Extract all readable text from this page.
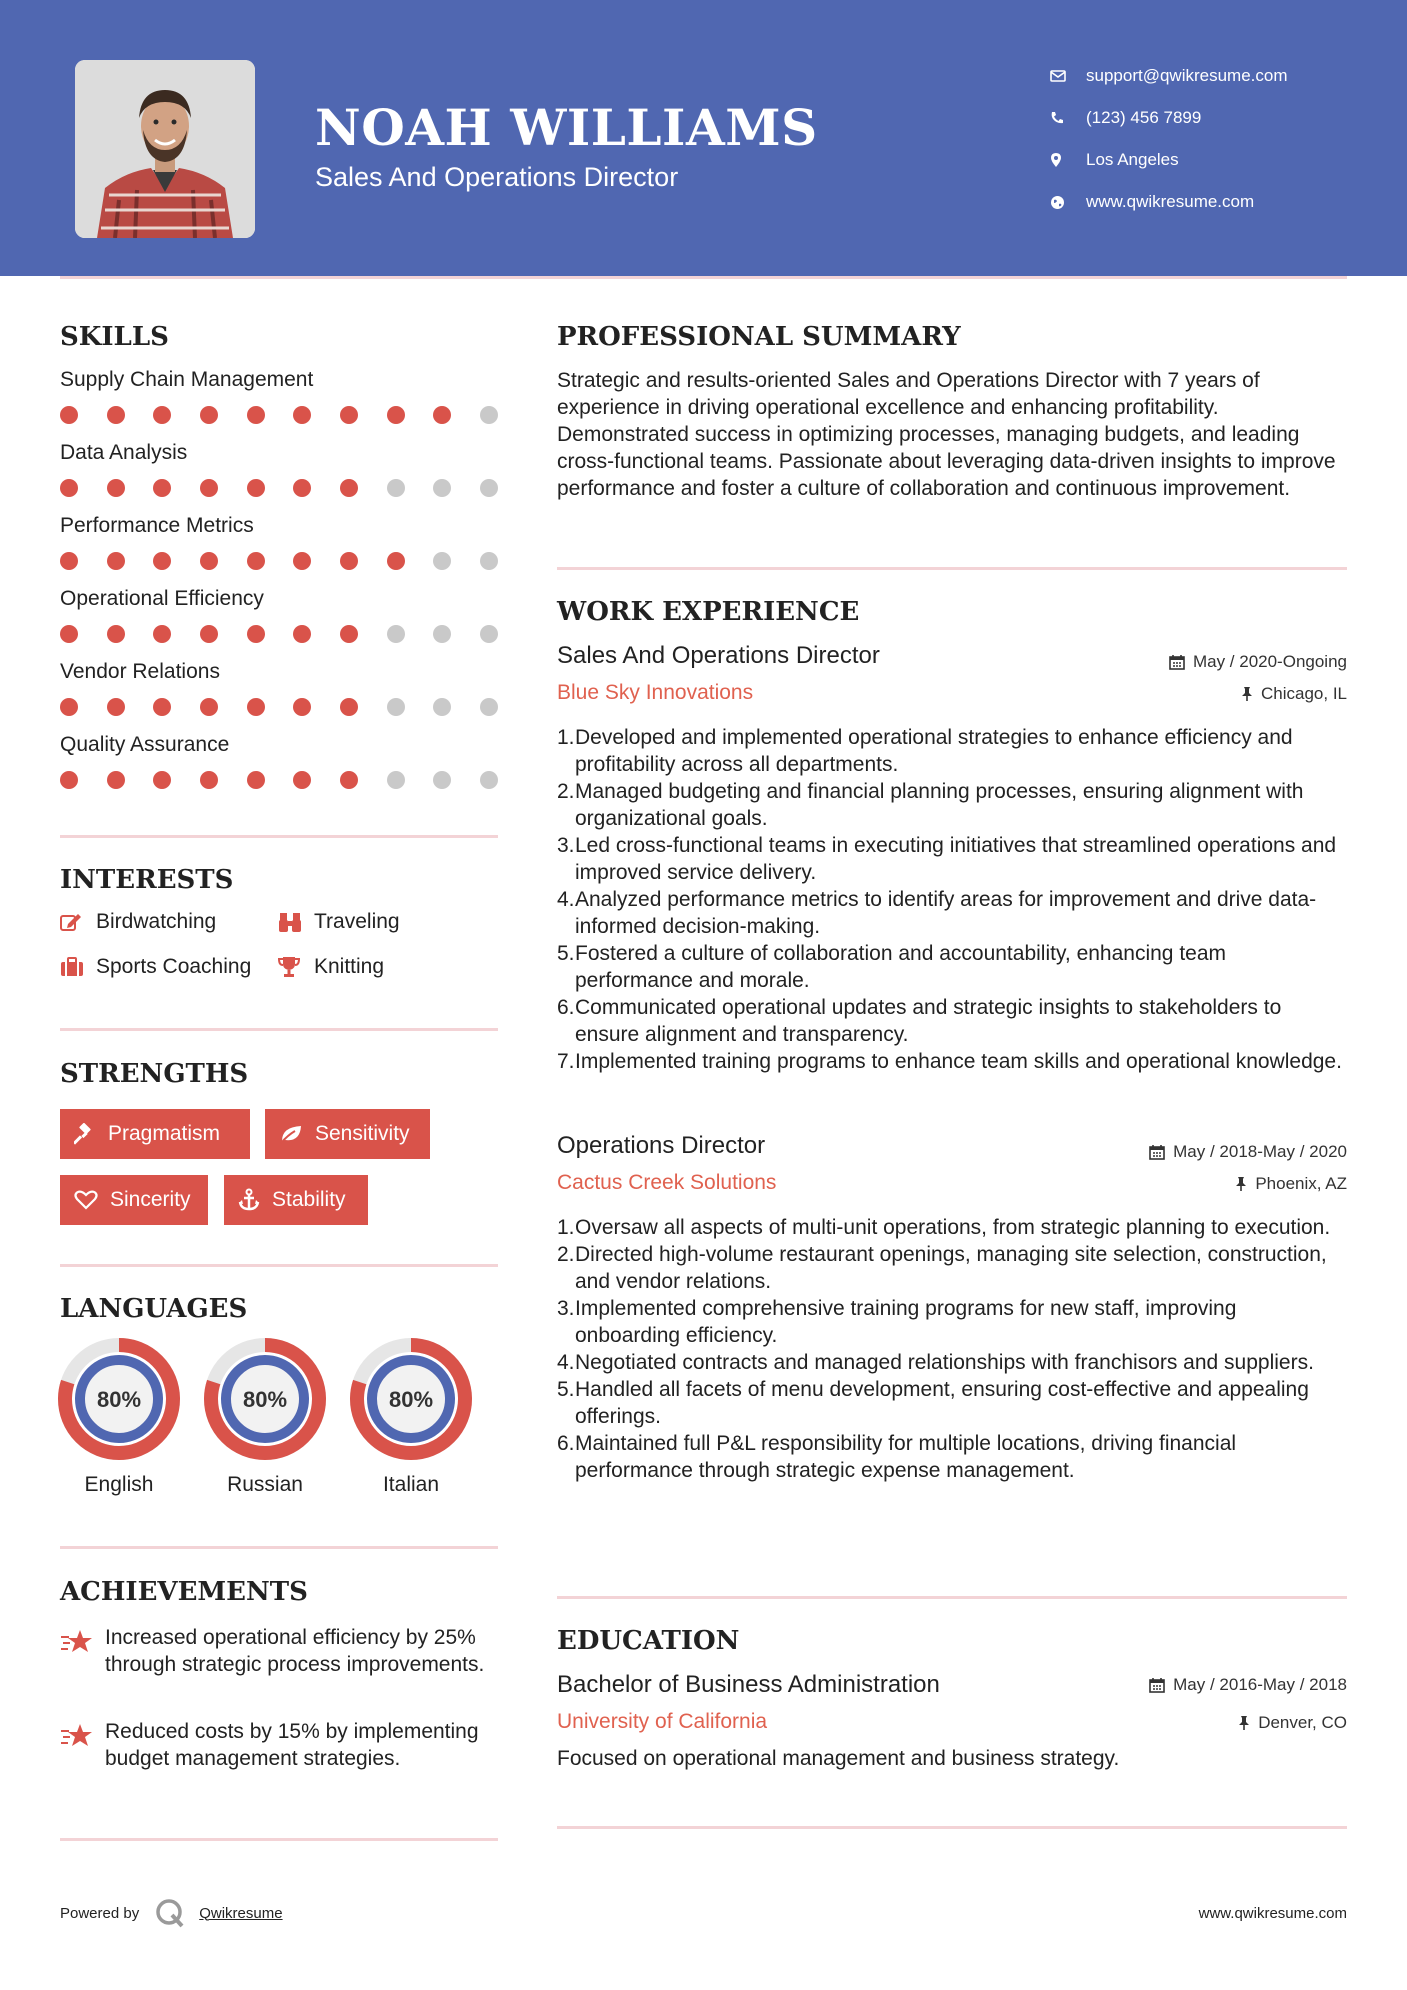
NOAH WILLIAMS
Sales And Operations Director
support@qwikresume.com
(123) 456 7899
Los Angeles
www.qwikresume.com
SKILLS
Supply Chain Management
Data Analysis
Performance Metrics
Operational Efficiency
Vendor Relations
Quality Assurance
INTERESTS
Birdwatching	Traveling
Sports Coaching	Knitting
STRENGTHS
Pragmatism	Sensitivity
Sincerity	Stability
LANGUAGES
80%
English
80%
Russian
80%
Italian
ACHIEVEMENTS
Increased operational efficiency by 25% through strategic process improvements.
Reduced costs by 15% by implementing budget management strategies.
PROFESSIONAL SUMMARY
Strategic and results-oriented Sales and Operations Director with 7 years of experience in driving operational excellence and enhancing profitability. Demonstrated success in optimizing processes, managing budgets, and leading cross-functional teams. Passionate about leveraging data-driven insights to improve performance and foster a culture of collaboration and continuous improvement.
WORK EXPERIENCE
Sales And Operations Director	May / 2020-Ongoing
Blue Sky Innovations	Chicago, IL
1. Developed and implemented operational strategies to enhance efficiency and profitability across all departments.
2. Managed budgeting and financial planning processes, ensuring alignment with organizational goals.
3. Led cross-functional teams in executing initiatives that streamlined operations and improved service delivery.
4. Analyzed performance metrics to identify areas for improvement and drive data-informed decision-making.
5. Fostered a culture of collaboration and accountability, enhancing team performance and morale.
6. Communicated operational updates and strategic insights to stakeholders to ensure alignment and transparency.
7. Implemented training programs to enhance team skills and operational knowledge.
Operations Director	May / 2018-May / 2020
Cactus Creek Solutions	Phoenix, AZ
1. Oversaw all aspects of multi-unit operations, from strategic planning to execution.
2. Directed high-volume restaurant openings, managing site selection, construction, and vendor relations.
3. Implemented comprehensive training programs for new staff, improving onboarding efficiency.
4. Negotiated contracts and managed relationships with franchisors and suppliers.
5. Handled all facets of menu development, ensuring cost-effective and appealing offerings.
6. Maintained full P&L responsibility for multiple locations, driving financial performance through strategic expense management.
EDUCATION
Bachelor of Business Administration	May / 2016-May / 2018
University of California	Denver, CO
Focused on operational management and business strategy.
Powered by	Qwikresume	www.qwikresume.com
